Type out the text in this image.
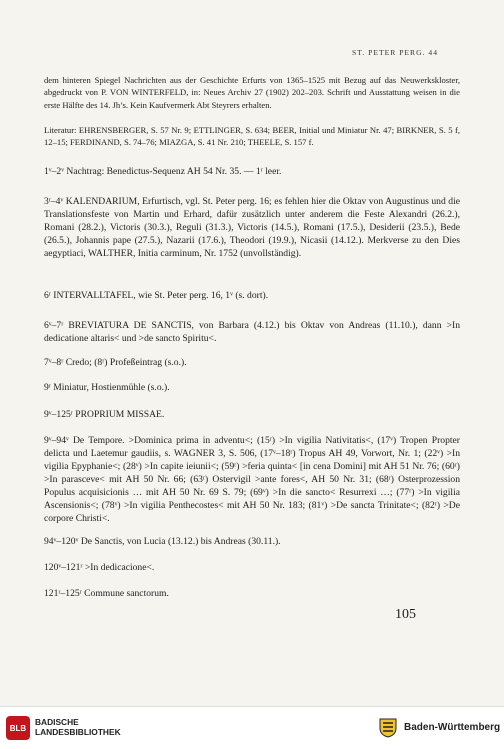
ST. PETER PERG. 44

dem hinteren Spiegel Nachrichten aus der Geschichte Erfurts von 1365–1525 mit Bezug auf das Neuwerkskloster, abgedruckt von P. VON WINTERFELD, in: Neues Archiv 27 (1902) 202–203. Schrift und Ausstattung weisen in die erste Hälfte des 14. Jh’s. Kein Kaufvermerk Abt Steyrers erhalten.

Literatur: EHRENSBERGER, S. 57 Nr. 9; ETTLINGER, S. 634; BEER, Initial und Miniatur Nr. 47; BIRKNER, S. 5 f, 12–15; FERDINAND, S. 74–76; MIAZGA, S. 41 Nr. 210; THEELE, S. 157 f.

1ᵛ–2ᵛ Nachtrag: Benedictus-Sequenz AH 54 Nr. 35. — 1ʳ leer.

3ʳ–4ᵛ KALENDARIUM, Erfurtisch, vgl. St. Peter perg. 16; es fehlen hier die Oktav von Augustinus und die Translationsfeste von Martin und Erhard, dafür zusätzlich unter anderem die Feste Alexandri (26.2.), Romani (28.2.), Victoris (30.3.), Reguli (31.3.), Victoris (14.5.), Romani (17.5.), Desiderii (23.5.), Bede (26.5.), Johannis pape (27.5.), Nazarii (17.6.), Theodori (19.9.), Nicasii (14.12.). Merkverse zu den Dies aegyptiaci, WALTHER, Initia carminum, Nr. 1752 (unvollständig).

6ʳ INTERVALLTAFEL, wie St. Peter perg. 16, 1ᵛ (s. dort).

6ᵛ–7ʳ BREVIATURA DE SANCTIS, von Barbara (4.12.) bis Oktav von Andreas (11.10.), dann >In dedicatione altaris< und >de sancto Spiritu<.

7ᵛ–8ʳ Credo; (8ʳ) Profeßeintrag (s.o.).

9ʳ Miniatur, Hostienmühle (s.o.).

9ᵛ–125ʳ PROPRIUM MISSAE.

9ᵛ–94ᵛ De Tempore. >Dominica prima in adventu<; (15ʳ) >In vigilia Nativitatis<, (17ᵛ) Tropen Propter delicta und Laetemur gaudiis, s. WAGNER 3, S. 506, (17ᵛ–18ʳ) Tropus AH 49, Vorwort, Nr. 1; (22ᵛ) >In vigilia Epyphanie<; (28ᵛ) >In capite ieiunii<; (59ʳ) >feria quinta< [in cena Domini] mit AH 51 Nr. 76; (60ʳ) >In parasceve< mit AH 50 Nr. 66; (63ʳ) Ostervigil >ante fores<, AH 50 Nr. 31; (68ʳ) Osterprozession Populus acquisicionis … mit AH 50 Nr. 69 S. 79; (69ᵛ) >In die sancto< Resurrexi …; (77ʳ) >In vigilia Ascensionis<; (78ᵛ) >In vigilia Penthecostes< mit AH 50 Nr. 183; (81ᵛ) >De sancta Trinitate<; (82ʳ) >De corpore Christi<.

94ᵛ–120ᵛ De Sanctis, von Lucia (13.12.) bis Andreas (30.11.).

120ᵛ–121ʳ >In dedicacione<.

121ʳ–125ʳ Commune sanctorum.

105
BLB
BADISCHE
LANDESBIBLIOTHEK	Baden-Württemberg
